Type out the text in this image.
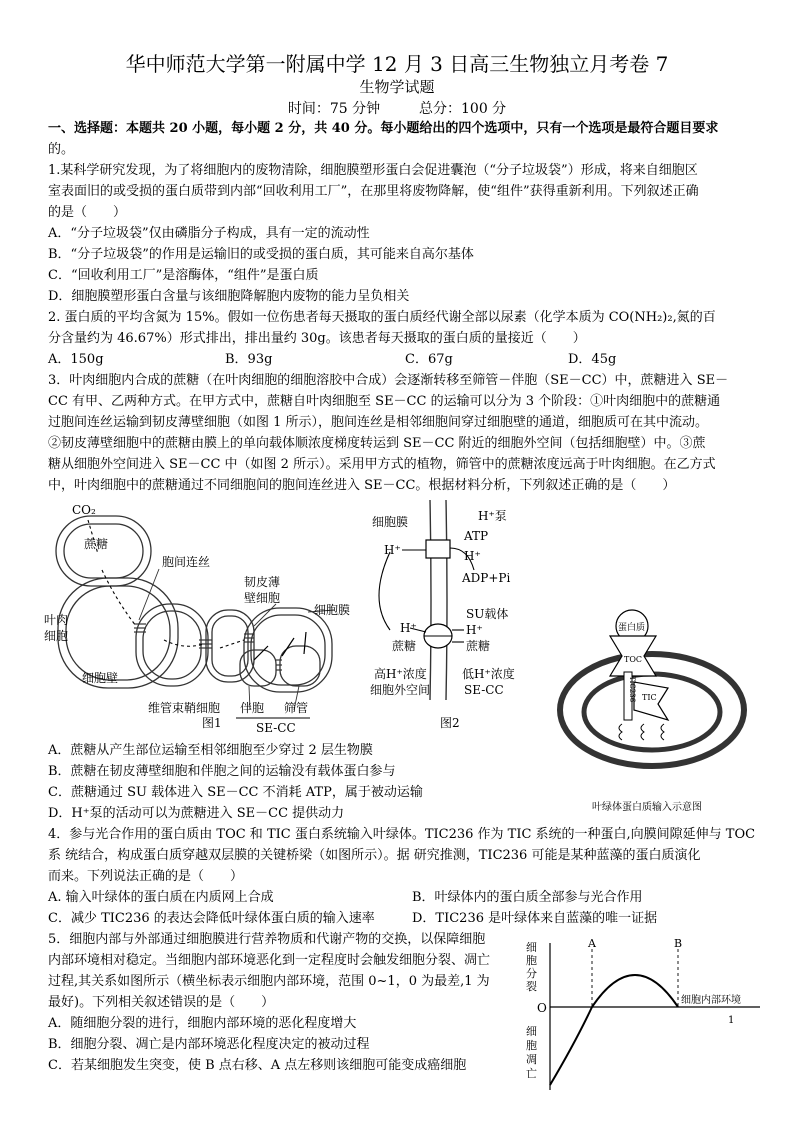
华中师范大学第一附属中学 12 月 3 日高三生物独立月考卷 7
生物学试题
时间：75 分钟	总分：100 分
一、选择题：本题共 20 小题，每小题 2 分，共 40 分。每小题给出的四个选项中，只有一个选项是最符合题目要求
的。
1.某科学研究发现，为了将细胞内的废物清除，细胞膜塑形蛋白会促进囊泡（“分子垃圾袋”）形成，将来自细胞区
室表面旧的或受损的蛋白质带到内部“回收利用工厂”，在那里将废物降解，使“组件”获得重新利用。下列叙述正确
的是（　　）
A．“分子垃圾袋”仅由磷脂分子构成，具有一定的流动性
B．“分子垃圾袋”的作用是运输旧的或受损的蛋白质，其可能来自高尔基体
C．“回收利用工厂”是溶酶体，“组件”是蛋白质
D．细胞膜塑形蛋白含量与该细胞降解胞内废物的能力呈负相关
2. 蛋白质的平均含氮为 15%。假如一位伤患者每天摄取的蛋白质经代谢全部以尿素（化学本质为 CO(NH₂)₂,氮的百
分含量约为 46.67%）形式排出，排出量约 30g。该患者每天摄取的蛋白质的量接近（　　）
A．150g	B．93g	C．67g	D．45g
3．叶肉细胞内合成的蔗糖（在叶肉细胞的细胞溶胶中合成）会逐渐转移至筛管－伴胞（SE－CC）中，蔗糖进入 SE－
CC 有甲、乙两种方式。在甲方式中，蔗糖自叶肉细胞至 SE－CC 的运输可以分为 3 个阶段：①叶肉细胞中的蔗糖通
过胞间连丝运输到韧皮薄壁细胞（如图 1 所示），胞间连丝是相邻细胞间穿过细胞壁的通道，细胞质可在其中流动。
②韧皮薄壁细胞中的蔗糖由膜上的单向载体顺浓度梯度转运到 SE－CC 附近的细胞外空间（包括细胞壁）中。③蔗
糖从细胞外空间进入 SE－CC 中（如图 2 所示）。采用甲方式的植物，筛管中的蔗糖浓度远高于叶肉细胞。在乙方式
中，叶肉细胞中的蔗糖通过不同细胞间的胞间连丝进入 SE－CC。根据材料分析，下列叙述正确的是（　　）
CO₂
蔗糖
胞间连丝
叶肉
细胞
韧皮薄
壁细胞
细胞膜
细胞壁
维管束鞘细胞 伴胞 筛管
SE-CC
图1
细胞膜	H⁺泵
ATP
H⁺	H⁺
ADP+Pi
SU载体
H⁺	H⁺
蔗糖	蔗糖
高H⁺浓度
细胞外空间
低H⁺浓度
SE-CC
图2
蛋白质
TOC
TIC
TIC236
叶绿体蛋白质输入示意图
A．蔗糖从产生部位运输至相邻细胞至少穿过 2 层生物膜
B．蔗糖在韧皮薄壁细胞和伴胞之间的运输没有载体蛋白参与
C．蔗糖通过 SU 载体进入 SE－CC 不消耗 ATP，属于被动运输
D．H⁺泵的活动可以为蔗糖进入 SE－CC 提供动力
4．参与光合作用的蛋白质由 TOC 和 TIC 蛋白系统输入叶绿体。TIC236 作为 TIC 系统的一种蛋白,向膜间隙延伸与 TOC
系 统结合，构成蛋白质穿越双层膜的关键桥梁（如图所示）。据 研究推测，TIC236 可能是某种蓝藻的蛋白质演化
而来。下列说法正确的是（　　）
A. 输入叶绿体的蛋白质在内质网上合成	B．叶绿体内的蛋白质全部参与光合作用
C．减少 TIC236 的表达会降低叶绿体蛋白质的输入速率	D．TIC236 是叶绿体来自蓝藻的唯一证据
5．细胞内部与外部通过细胞膜进行营养物质和代谢产物的交换，以保障细胞
内部环境相对稳定。当细胞内部环境恶化到一定程度时会触发细胞分裂、凋亡
过程,其关系如图所示（横坐标表示细胞内部环境，范围 0~1，0 为最差,1 为
最好)。下列相关叙述错误的是（　　）
A．随细胞分裂的进行，细胞内部环境的恶化程度增大
B．细胞分裂、凋亡是内部环境恶化程度决定的被动过程
C．若某细胞发生突变，使 B 点右移、A 点左移则该细胞可能变成癌细胞
A	B
O
细胞内部环境
1
细
胞
分
裂
细
胞
凋
亡
